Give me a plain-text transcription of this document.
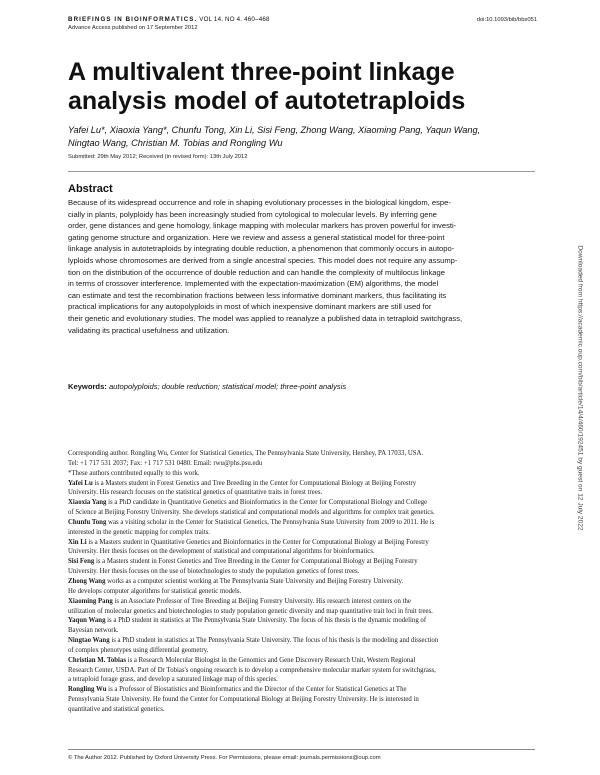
BRIEFINGS IN BIOINFORMATICS. VOL 14. NO 4. 460–468
Advance Access published on 17 September 2012
doi:10.1093/bib/bbs051
A multivalent three-point linkage
analysis model of autotetraploids
Yafei Lu*, Xiaoxia Yang*, Chunfu Tong, Xin Li, Sisi Feng, Zhong Wang, Xiaoming Pang, Yaqun Wang,
Ningtao Wang, Christian M. Tobias and Rongling Wu
Submitted: 29th May 2012; Received (in revised form): 13th July 2012
Abstract
Because of its widespread occurrence and role in shaping evolutionary processes in the biological kingdom, espe-
cially in plants, polyploidy has been increasingly studied from cytological to molecular levels. By inferring gene
order, gene distances and gene homology, linkage mapping with molecular markers has proven powerful for investi-
gating genome structure and organization. Here we review and assess a general statistical model for three-point
linkage analysis in autotetraploids by integrating double reduction, a phenomenon that commonly occurs in autopo-
lyploids whose chromosomes are derived from a single ancestral species. This model does not require any assump-
tion on the distribution of the occurrence of double reduction and can handle the complexity of multilocus linkage
in terms of crossover interference. Implemented with the expectation-maximization (EM) algorithms, the model
can estimate and test the recombination fractions between less informative dominant markers, thus facilitating its
practical implications for any autopolyploids in most of which inexpensive dominant markers are still used for
their genetic and evolutionary studies. The model was applied to reanalyze a published data in tetraploid switchgrass,
validating its practical usefulness and utilization.
Keywords: autopolyploids; double reduction; statistical model; three-point analysis	Downloaded from https://academic.oup.com/bib/article/14/4/460/192451 by guest on 12 July 2022
Corresponding author. Rongling Wu, Center for Statistical Genetics, The Pennsylvania State University, Hershey, PA 17033, USA.
Tel: +1 717 531 2037; Fax: +1 717 531 0480. Email: rwu@phs.psu.edu
*These authors contributed equally to this work.
Yafei Lu is a Masters student in Forest Genetics and Tree Breeding in the Center for Computational Biology at Beijing Forestry
University. His research focuses on the statistical genetics of quantitative traits in forest trees.
Xiaoxia Yang is a PhD candidate in Quantitative Genetics and Bioinformatics in the Center for Computational Biology and College
of Science at Beijing Forestry University. She develops statistical and computational models and algorithms for complex trait genetics.
Chunfu Tong was a visiting scholar in the Center for Statistical Genetics, The Pennsylvania State University from 2009 to 2011. He is
interested in the genetic mapping for complex traits.
Xin Li is a Masters student in Quantitative Genetics and Bioinformatics in the Center for Computational Biology at Beijing Forestry
University. Her thesis focuses on the development of statistical and computational algorithms for bioinformatics.
Sisi Feng is a Masters student in Forest Genetics and Tree Breeding in the Center for Computational Biology at Beijing Forestry
University. Her thesis focuses on the use of biotechnologies to study the population genetics of forest trees.
Zhong Wang works as a computer scientist working at The Pennsylvania State University and Beijing Forestry University.
He develops computer algorithms for statistical genetic models.
Xiaoming Pang is an Associate Professor of Tree Breeding at Beijing Forestry University. His research interest centers on the
utilization of molecular genetics and biotechnologies to study population genetic diversity and map quantitative trait loci in fruit trees.
Yaqun Wang is a PhD student in statistics at The Pennsylvania State University. The focus of his thesis is the dynamic modeling of
Bayesian network.
Ningtao Wang is a PhD student in statistics at The Pennsylvania State University. The focus of his thesis is the modeling and dissection
of complex phenotypes using differential geometry.
Christian M. Tobias is a Research Molecular Biologist in the Genomics and Gene Discovery Research Unit, Western Regional
Research Center, USDA. Part of Dr Tobias's ongoing research is to develop a comprehensive molecular marker system for switchgrass,
a tetraploid forage grass, and develop a saturated linkage map of this species.
Rongling Wu is a Professor of Biostatistics and Bioinformatics and the Director of the Center for Statistical Genetics at The
Pennsylvania State University. He found the Center for Computational Biology at Beijing Forestry University. He is interested in
quantitative and statistical genetics.
© The Author 2012. Published by Oxford University Press. For Permissions, please email: journals.permissions@oup.com
